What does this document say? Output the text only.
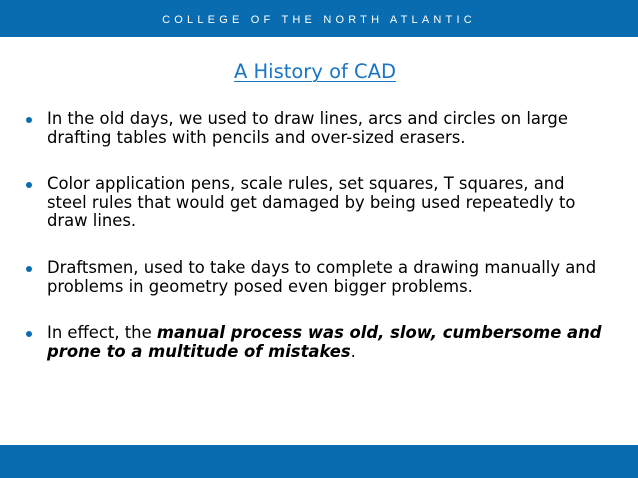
COLLEGE OF THE NORTH ATLANTIC
A History of CAD
In the old days, we used to draw lines, arcs and circles on large drafting tables with pencils and over-sized erasers.
Color application pens, scale rules, set squares, T squares, and steel rules that would get damaged by being used repeatedly to draw lines.
Draftsmen, used to take days to complete a drawing manually and problems in geometry posed even bigger problems.
In effect, the manual process was old, slow, cumbersome and prone to a multitude of mistakes.
